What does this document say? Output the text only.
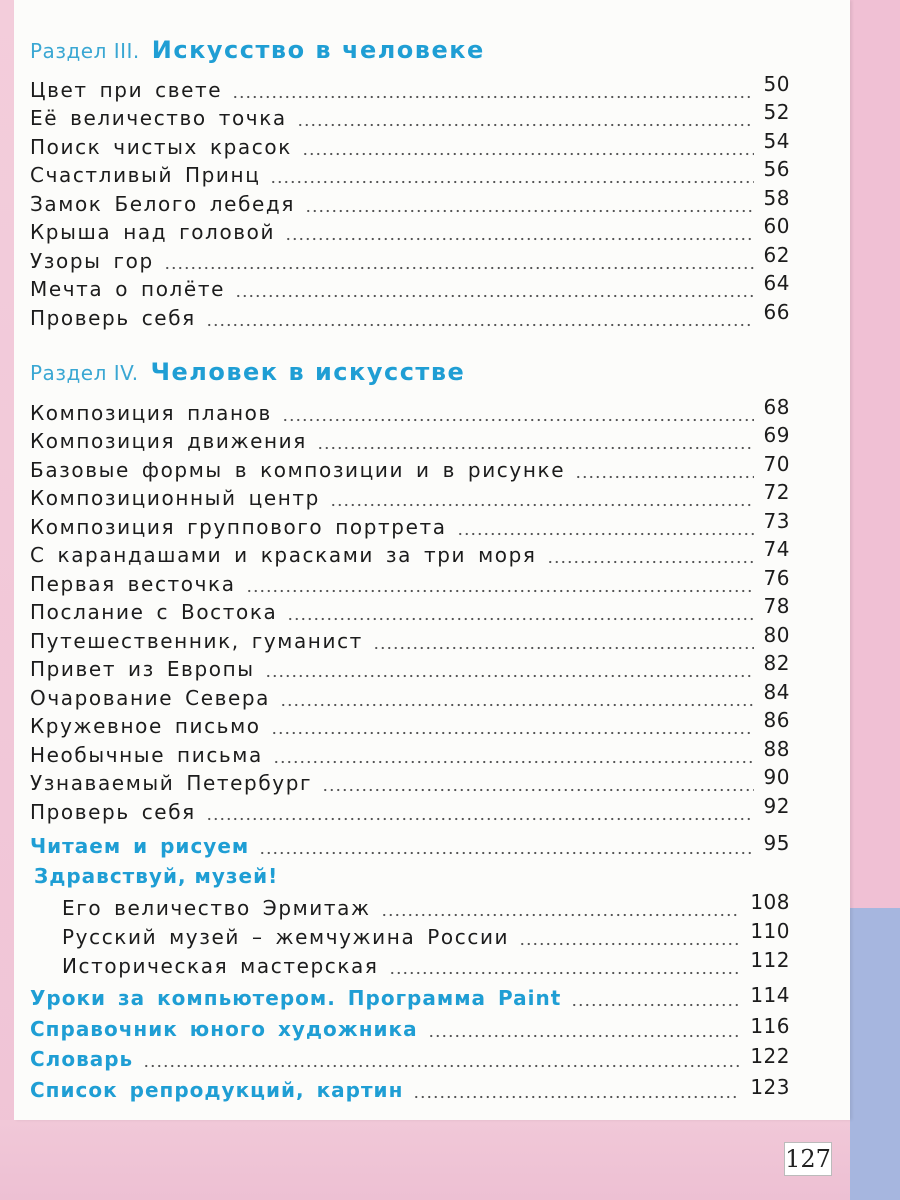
Раздел III. Искусство в человеке
Цвет при свете	50
Её величество точка	52
Поиск чистых красок	54
Счастливый Принц	56
Замок Белого лебедя	58
Крыша над головой	60
Узоры гор	62
Мечта о полёте	64
Проверь себя	66
Раздел IV. Человек в искусстве
Композиция планов	68
Композиция движения	69
Базовые формы в композиции и в рисунке	70
Композиционный центр	72
Композиция группового портрета	73
С карандашами и красками за три моря	74
Первая весточка	76
Послание с Востока	78
Путешественник, гуманист	80
Привет из Европы	82
Очарование Севера	84
Кружевное письмо	86
Необычные письма	88
Узнаваемый Петербург	90
Проверь себя	92
Читаем и рисуем	95
Здравствуй, музей!
Его величество Эрмитаж	108
Русский музей – жемчужина России	110
Историческая мастерская	112
Уроки за компьютером. Программа Paint	114
Справочник юного художника	116
Словарь	122
Список репродукций, картин	123
127
